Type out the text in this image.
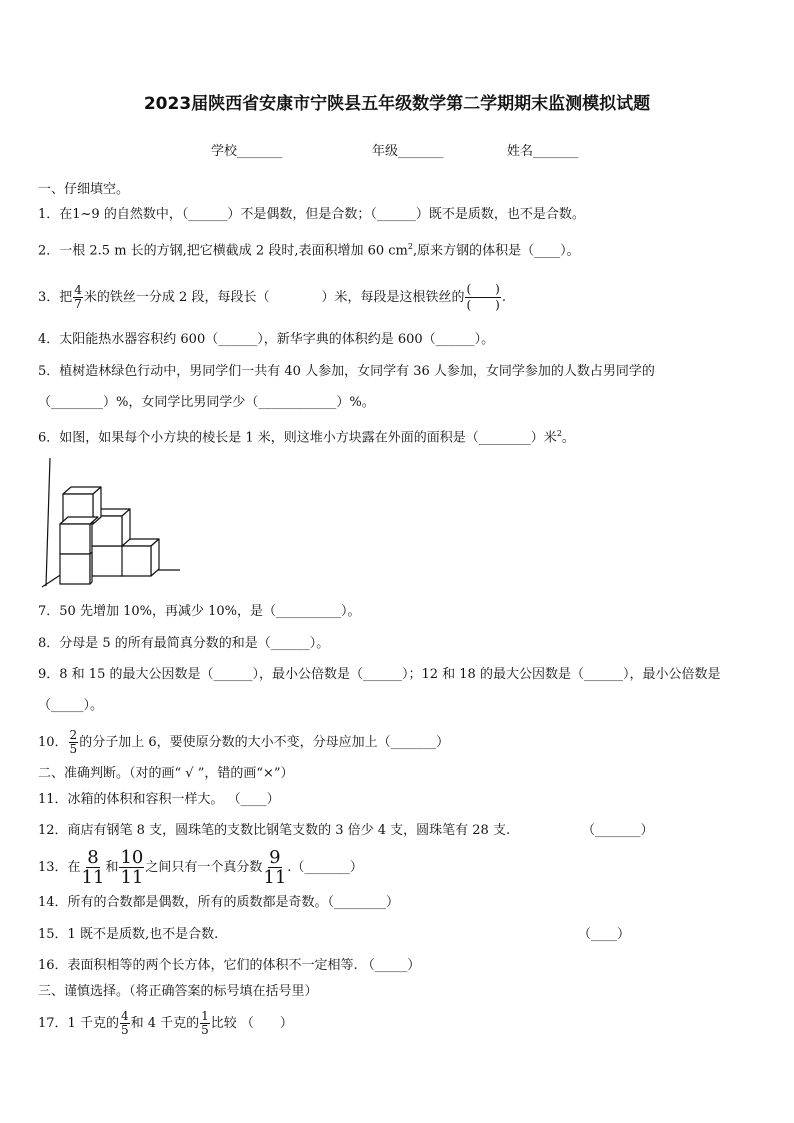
2023届陕西省安康市宁陕县五年级数学第二学期期末监测模拟试题
学校_______	年级_______	姓名_______
一、仔细填空。
1．在1~9 的自然数中，（______）不是偶数，但是合数；（______）既不是质数，也不是合数。
2．一根 2.5 m 长的方钢,把它横截成 2 段时,表面积增加 60 $cm^2$,原来方钢的体积是（____）。
3．把 $\frac{4}{7}$ 米的铁丝一分成 2 段，每段长（	）米，每段是这根铁丝的 $\frac{( )}{( )}$ .
4．太阳能热水器容积约 600（______），新华字典的体积约是 600（______）。
5．植树造林绿色行动中，男同学们一共有 40 人参加，女同学有 36 人参加，女同学参加的人数占男同学的
（________）%，女同学比男同学少（____________）%。
6．如图，如果每个小方块的棱长是 1 米，则这堆小方块露在外面的面积是（________）米$^2$。
7．50 先增加 10%，再减少 10%，是（__________）。
8．分母是 5 的所有最简真分数的和是（______）。
9．8 和 15 的最大公因数是（______），最小公倍数是（______）；12 和 18 的最大公因数是（______），最小公倍数是
（_____）。
10． $\frac{2}{5}$ 的分子加上 6，要使原分数的大小不变，分母应加上（_______）
二、准确判断。（对的画“ √ ”，错的画“×”）
11．冰箱的体积和容积一样大。 （____）
12．商店有钢笔 8 支，圆珠笔的支数比钢笔支数的 3 倍少 4 支，圆珠笔有 28 支.	（_______）
13．在 $\frac{8}{11}$ 和 $\frac{10}{11}$ 之间只有一个真分数 $\frac{9}{11}$ .（_______）
14．所有的合数都是偶数，所有的质数都是奇数。（________）
15．1 既不是质数,也不是合数.	（____）
16．表面积相等的两个长方体，它们的体积不一定相等. （_____）
三、谨慎选择。（将正确答案的标号填在括号里）
17．1 千克的 $\frac{4}{5}$ 和 4 千克的 $\frac{1}{5}$ 比较 （　　）
